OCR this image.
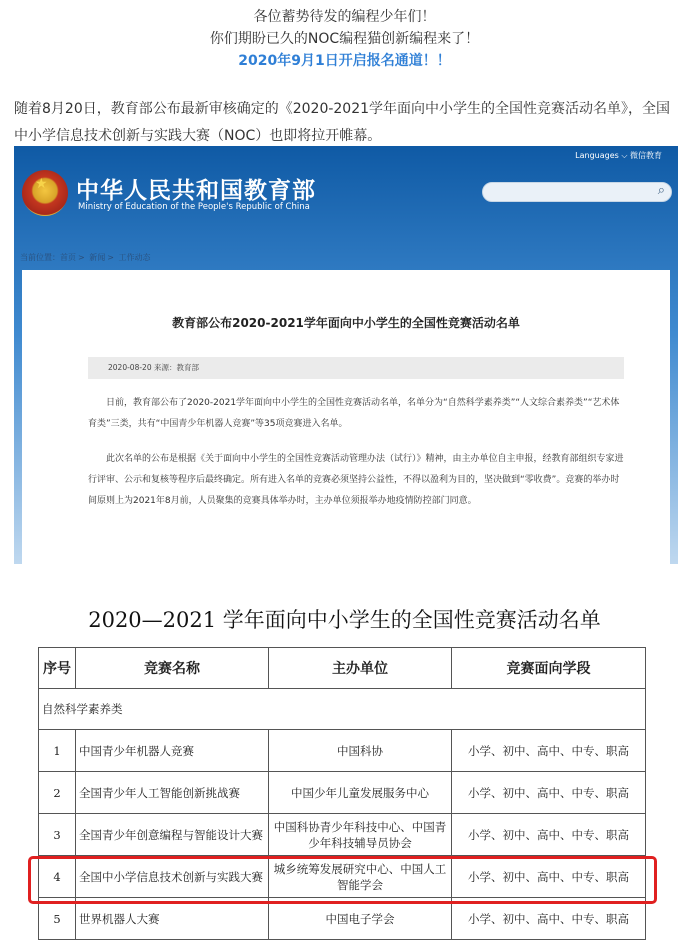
各位蓄势待发的编程少年们！
你们期盼已久的NOC编程猫创新编程来了！
2020年9月1日开启报名通道！！
随着8月20日，教育部公布最新审核确定的《2020-2021学年面向中小学生的全国性竞赛活动名单》，全国中小学信息技术创新与实践大赛（NOC）也即将拉开帷幕。
Languages ⌵ 微信教育
★ 中华人民共和国教育部
Ministry of Education of the People's Republic of China
⌕
当前位置：首页 > 新闻 > 工作动态
教育部公布2020-2021学年面向中小学生的全国性竞赛活动名单
2020-08-20 来源：教育部
日前，教育部公布了2020-2021学年面向中小学生的全国性竞赛活动名单，名单分为“自然科学素养类”“人文综合素养类”“艺术体育类”三类，共有“中国青少年机器人竞赛”等35项竞赛进入名单。
此次名单的公布是根据《关于面向中小学生的全国性竞赛活动管理办法（试行）》精神，由主办单位自主申报，经教育部组织专家进行评审、公示和复核等程序后最终确定。所有进入名单的竞赛必须坚持公益性，不得以盈利为目的，坚决做到“零收费”。竞赛的举办时间原则上为2021年8月前，人员聚集的竞赛具体举办时，主办单位须报举办地疫情防控部门同意。
2020—2021 学年面向中小学生的全国性竞赛活动名单
序号	竞赛名称	主办单位	竞赛面向学段
自然科学素养类			
1	中国青少年机器人竞赛	中国科协	小学、初中、高中、中专、职高
2	全国青少年人工智能创新挑战赛	中国少年儿童发展服务中心	小学、初中、高中、中专、职高
3	全国青少年创意编程与智能设计大赛	中国科协青少年科技中心、中国青少年科技辅导员协会	小学、初中、高中、中专、职高
4	全国中小学信息技术创新与实践大赛	城乡统筹发展研究中心、中国人工智能学会	小学、初中、高中、中专、职高
5	世界机器人大赛	中国电子学会	小学、初中、高中、中专、职高
